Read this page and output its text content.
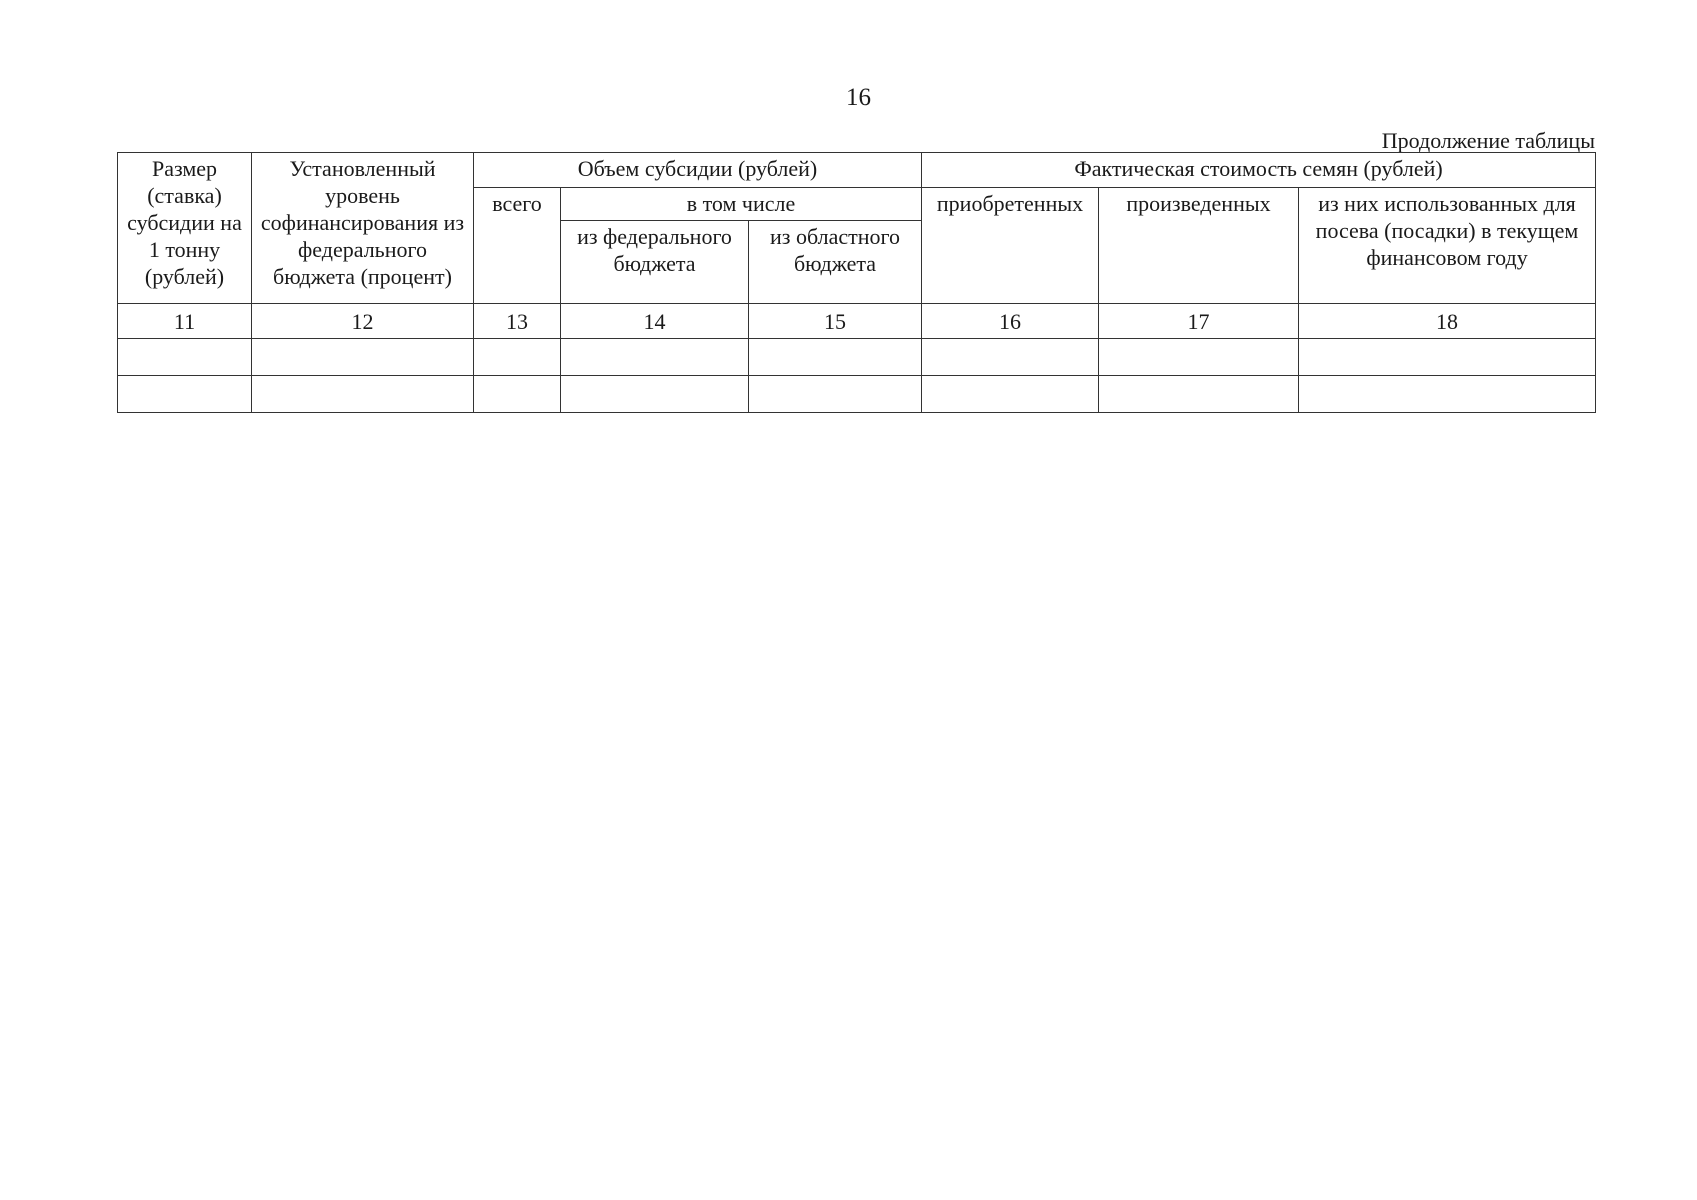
16
Продолжение таблицы
Размер (ставка) субсидии на 1 тонну (рублей)	Установленный уровень софинансирования из федерального бюджета (процент)	Объем субсидии (рублей)			Фактическая стоимость семян (рублей)		
		всего	в том числе		приобретенных	произведенных	из них использованных для посева (посадки) в текущем финансовом году
			из федерального бюджета	из областного бюджета			
11	12	13	14	15	16	17	18
